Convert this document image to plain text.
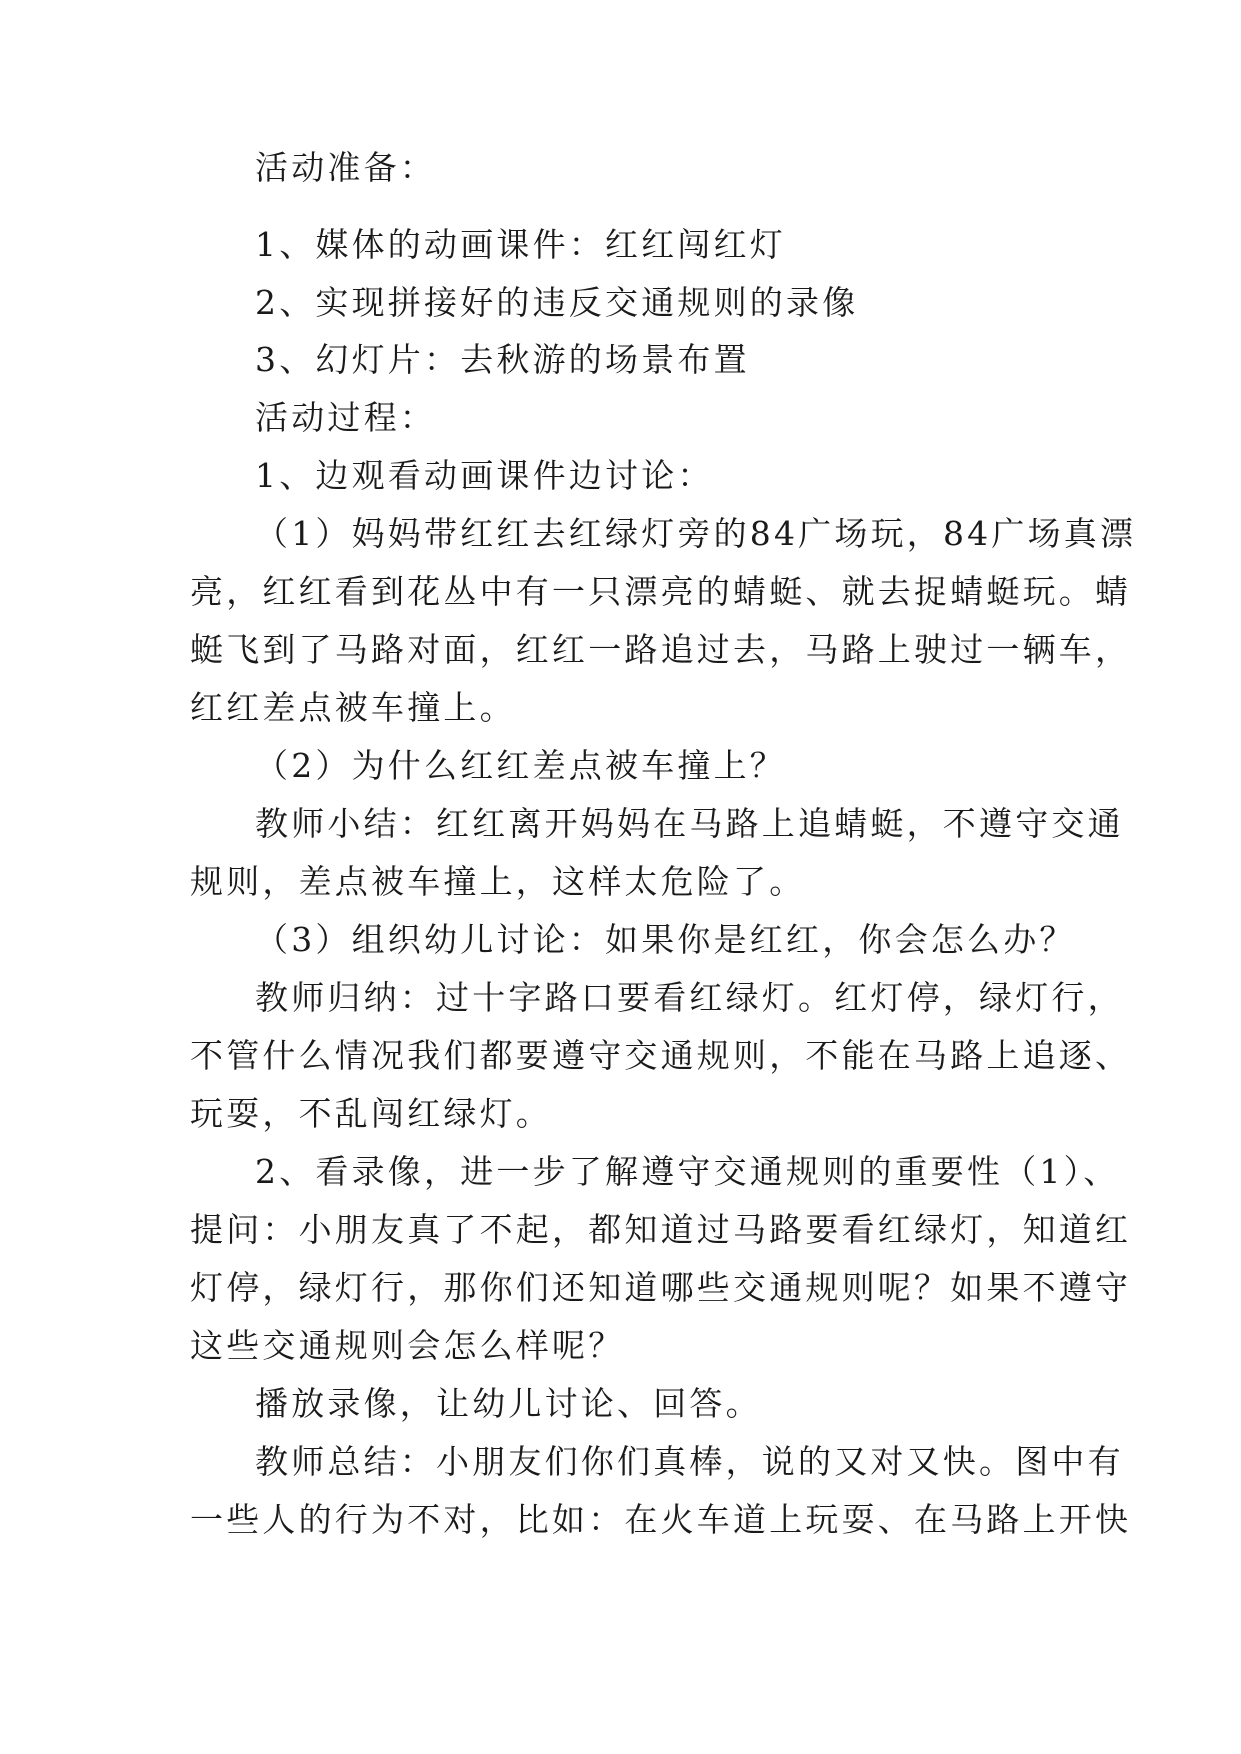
活动准备：
1、媒体的动画课件：红红闯红灯
2、实现拼接好的违反交通规则的录像
3、幻灯片：去秋游的场景布置
活动过程：
1、边观看动画课件边讨论：
（1）妈妈带红红去红绿灯旁的84广场玩，84广场真漂
亮，红红看到花丛中有一只漂亮的蜻蜓、就去捉蜻蜓玩。蜻
蜓飞到了马路对面，红红一路追过去，马路上驶过一辆车，
红红差点被车撞上。
（2）为什么红红差点被车撞上？
教师小结：红红离开妈妈在马路上追蜻蜓，不遵守交通
规则，差点被车撞上，这样太危险了。
（3）组织幼儿讨论：如果你是红红，你会怎么办？
教师归纳：过十字路口要看红绿灯。红灯停，绿灯行，
不管什么情况我们都要遵守交通规则，不能在马路上追逐、
玩耍，不乱闯红绿灯。
2、看录像，进一步了解遵守交通规则的重要性（1）、
提问：小朋友真了不起，都知道过马路要看红绿灯，知道红
灯停，绿灯行，那你们还知道哪些交通规则呢？如果不遵守
这些交通规则会怎么样呢？
播放录像，让幼儿讨论、回答。
教师总结：小朋友们你们真棒，说的又对又快。图中有
一些人的行为不对，比如：在火车道上玩耍、在马路上开快
